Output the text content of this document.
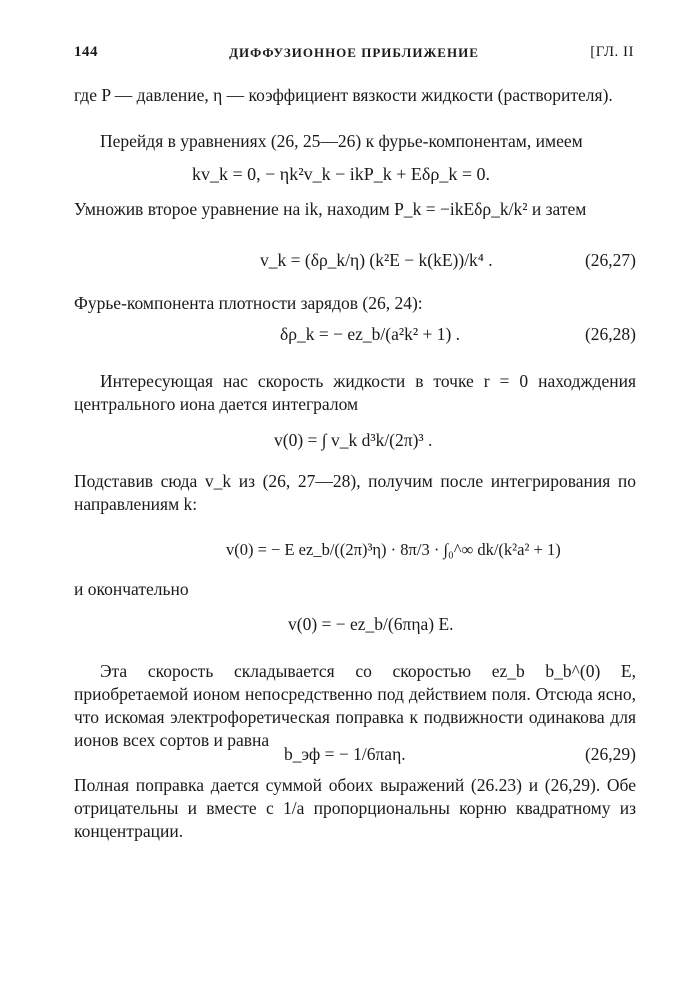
144	ДИФФУЗИОННОЕ ПРИБЛИЖЕНИЕ	[ГЛ. II

где P — давление, η — коэффициент вязкости жидкости (растворителя).

Перейдя в уравнениях (26, 25—26) к фурье-компонентам, имеем

kv_k = 0, − ηk²v_k − ikP_k + Eδρ_k = 0.

Умножив второе уравнение на ik, находим P_k = −ikEδρ_k/k² и затем

v_k = (δρ_k/η) (k²E − k(kE))/k⁴ .	(26,27)

Фурье-компонента плотности зарядов (26, 24):

δρ_k = − ez_b/(a²k² + 1) .	(26,28)

Интересующая нас скорость жидкости в точке r = 0 находждения центрального иона дается интегралом

v(0) = ∫ v_k d³k/(2π)³ .

Подставив сюда v_k из (26, 27—28), получим после интегрирования по направлениям k:

v(0) = − E ez_b/((2π)³η) · 8π/3 · ∫₀^∞ dk/(k²a² + 1)

и окончательно

v(0) = − ez_b/(6πηa) E.

Эта скорость складывается со скоростью ez_b b_b^(0) E, приобретаемой ионом непосредственно под действием поля. Отсюда ясно, что искомая электрофоретическая поправка к подвижности одинакова для ионов всех сортов и равна

b_эф = − 1/6πaη.	(26,29)

Полная поправка дается суммой обоих выражений (26.23) и (26,29). Обе отрицательны и вместе с 1/a пропорциональны корню квадратному из концентрации.
